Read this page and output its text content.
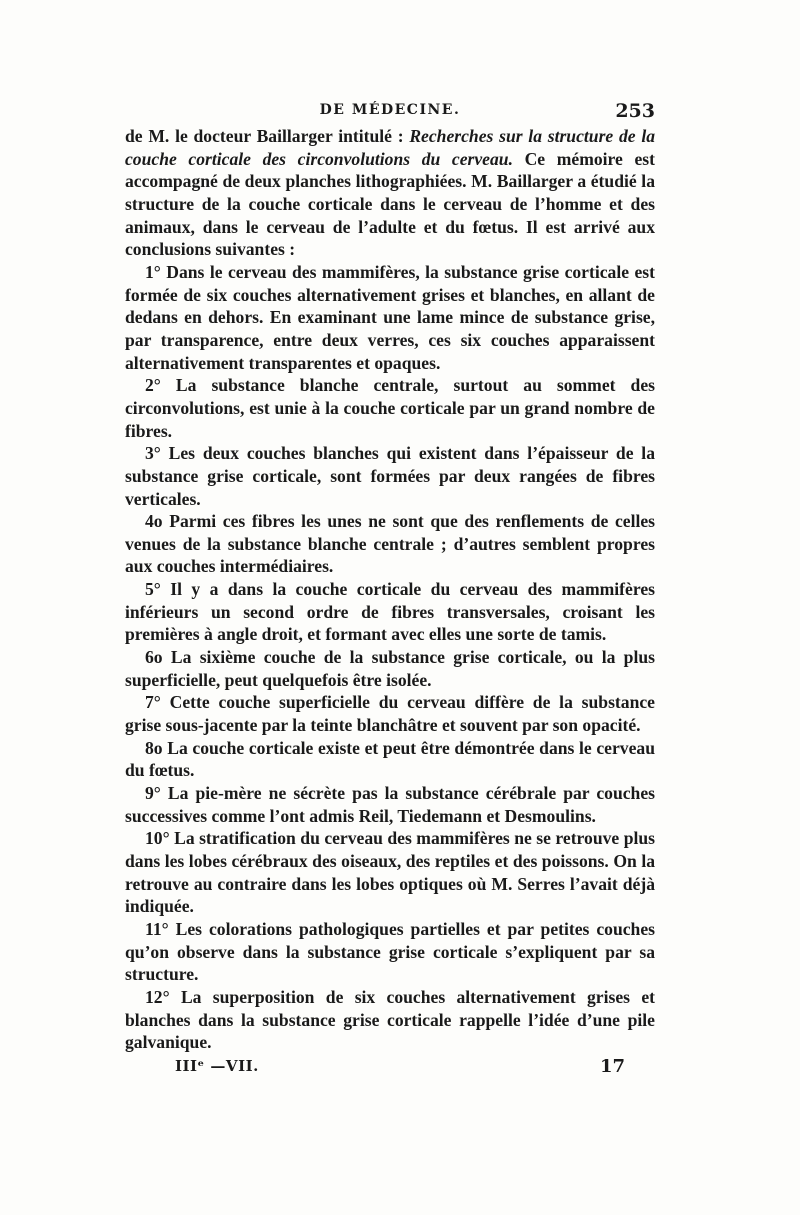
DE MÉDECINE.	253

de M. le docteur Baillarger intitulé : Recherches sur la structure de la couche corticale des circonvolutions du cerveau. Ce mémoire est accompagné de deux planches lithographiées. M. Baillarger a étudié la structure de la couche corticale dans le cerveau de l’homme et des animaux, dans le cerveau de l’adulte et du fœtus. Il est arrivé aux conclusions suivantes :

1° Dans le cerveau des mammifères, la substance grise corticale est formée de six couches alternativement grises et blanches, en allant de dedans en dehors. En examinant une lame mince de substance grise, par transparence, entre deux verres, ces six couches apparaissent alternativement transparentes et opaques.

2° La substance blanche centrale, surtout au sommet des circonvolutions, est unie à la couche corticale par un grand nombre de fibres.

3° Les deux couches blanches qui existent dans l’épaisseur de la substance grise corticale, sont formées par deux rangées de fibres verticales.

4o Parmi ces fibres les unes ne sont que des renflements de celles venues de la substance blanche centrale ; d’autres semblent propres aux couches intermédiaires.

5° Il y a dans la couche corticale du cerveau des mammifères inférieurs un second ordre de fibres transversales, croisant les premières à angle droit, et formant avec elles une sorte de tamis.

6o La sixième couche de la substance grise corticale, ou la plus superficielle, peut quelquefois être isolée.

7° Cette couche superficielle du cerveau diffère de la substance grise sous-jacente par la teinte blanchâtre et souvent par son opacité.

8o La couche corticale existe et peut être démontrée dans le cerveau du fœtus.

9° La pie-mère ne sécrète pas la substance cérébrale par couches successives comme l’ont admis Reil, Tiedemann et Desmoulins.

10° La stratification du cerveau des mammifères ne se retrouve plus dans les lobes cérébraux des oiseaux, des reptiles et des poissons. On la retrouve au contraire dans les lobes optiques où M. Serres l’avait déjà indiquée.

11° Les colorations pathologiques partielles et par petites couches qu’on observe dans la substance grise corticale s’expliquent par sa structure.

12° La superposition de six couches alternativement grises et blanches dans la substance grise corticale rappelle l’idée d’une pile galvanique.

IIIᵉ —VII.	17
